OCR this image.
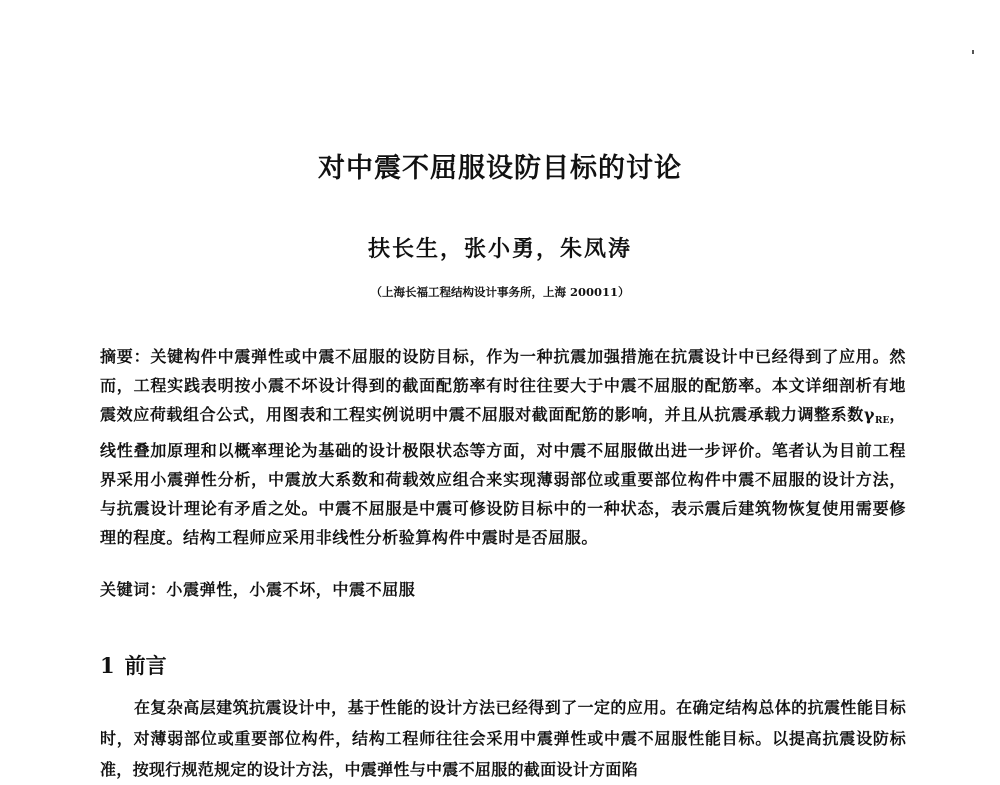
对中震不屈服设防目标的讨论
扶长生，张小勇，朱凤涛
（上海长福工程结构设计事务所，上海 200011）
摘要：关键构件中震弹性或中震不屈服的设防目标，作为一种抗震加强措施在抗震设计中已经得到了应用。然而，工程实践表明按小震不坏设计得到的截面配筋率有时往往要大于中震不屈服的配筋率。本文详细剖析有地震效应荷载组合公式，用图表和工程实例说明中震不屈服对截面配筋的影响，并且从抗震承载力调整系数$\gamma_{RE}$，线性叠加原理和以概率理论为基础的设计极限状态等方面，对中震不屈服做出进一步评价。笔者认为目前工程界采用小震弹性分析，中震放大系数和荷载效应组合来实现薄弱部位或重要部位构件中震不屈服的设计方法，与抗震设计理论有矛盾之处。中震不屈服是中震可修设防目标中的一种状态，表示震后建筑物恢复使用需要修理的程度。结构工程师应采用非线性分析验算构件中震时是否屈服。
关键词：小震弹性，小震不坏，中震不屈服
1 前言
在复杂高层建筑抗震设计中，基于性能的设计方法已经得到了一定的应用。在确定结构总体的抗震性能目标时，对薄弱部位或重要部位构件，结构工程师往往会采用中震弹性或中震不屈服性能目标。以提高抗震设防标准，按现行规范规定的设计方法，中震弹性与中震不屈服的截面设计方面陷
